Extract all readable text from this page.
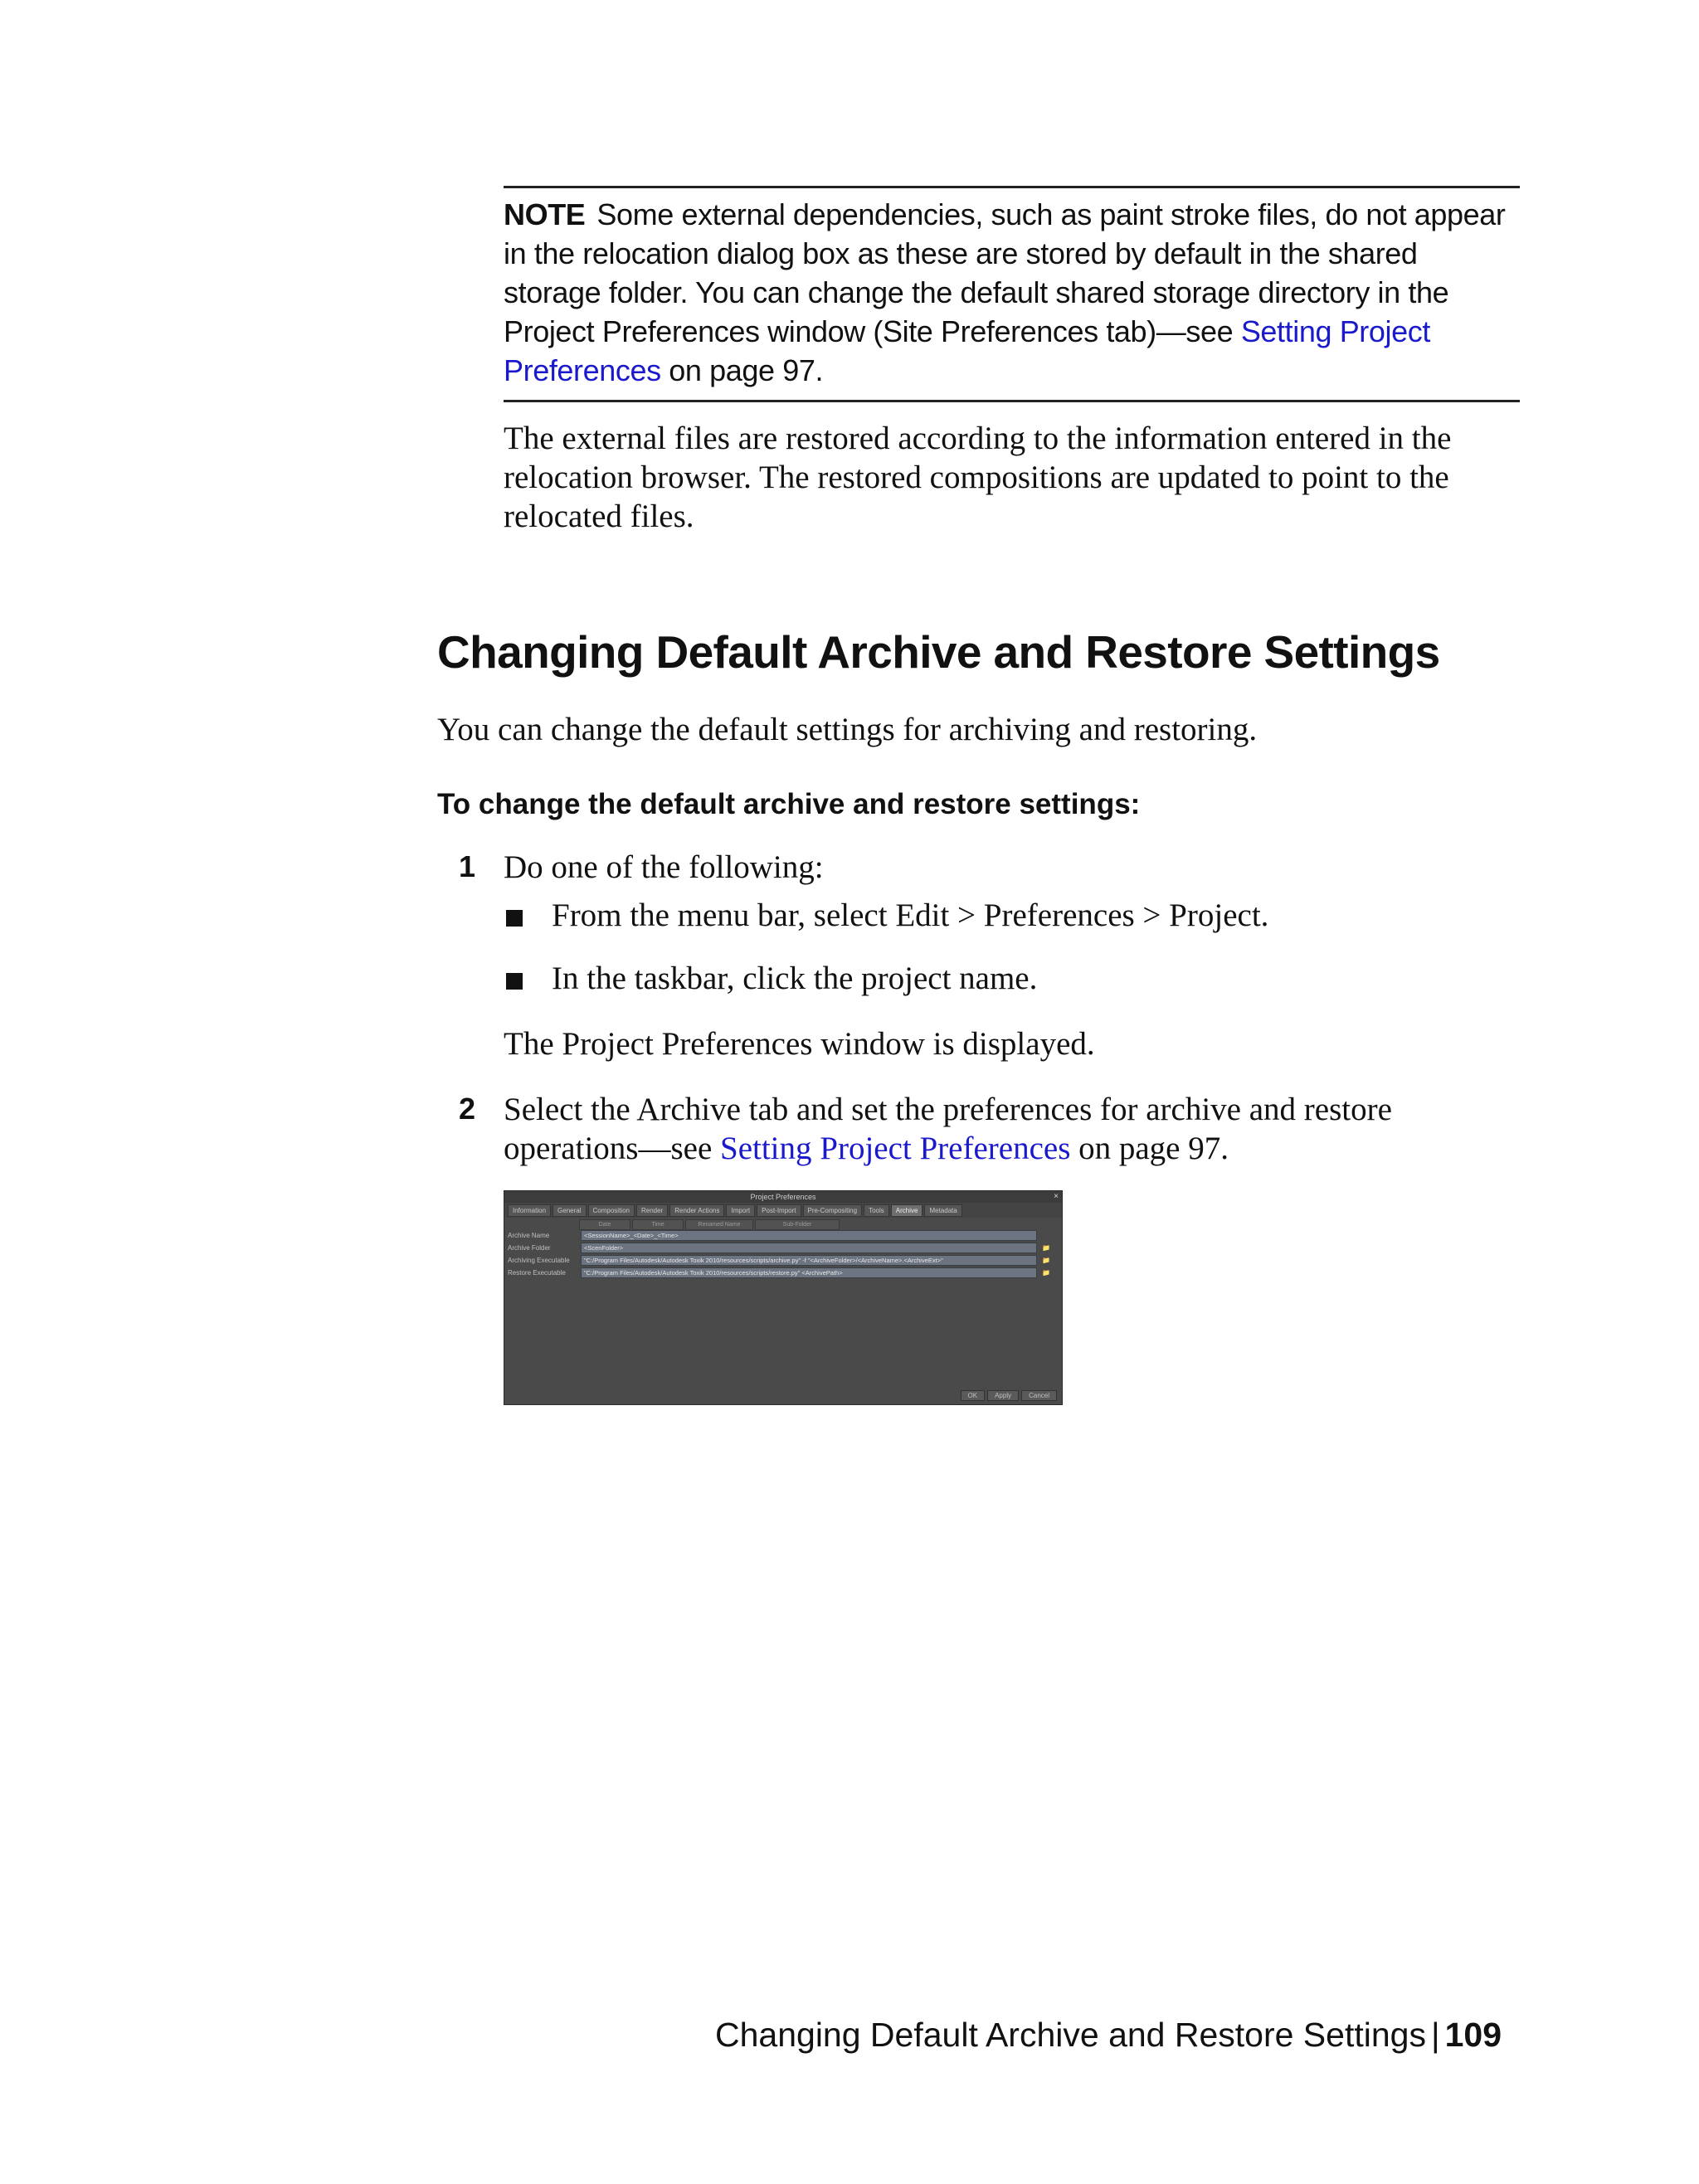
NOTE Some external dependencies, such as paint stroke files, do not appear in the relocation dialog box as these are stored by default in the shared storage folder. You can change the default shared storage directory in the Project Preferences window (Site Preferences tab)—see Setting Project Preferences on page 97.

The external files are restored according to the information entered in the relocation browser. The restored compositions are updated to point to the relocated files.

Changing Default Archive and Restore Settings

You can change the default settings for archiving and restoring.

To change the default archive and restore settings:

1 Do one of the following:

From the menu bar, select Edit > Preferences > Project.

In the taskbar, click the project name.

The Project Preferences window is displayed.

2 Select the Archive tab and set the preferences for archive and restore operations—see Setting Project Preferences on page 97.

Project Preferences	×
Information	General	Composition	Render	Render Actions	Import	Post-Import	Pre-Compositing	Tools	Archive	Metadata
Date	Time	Renamed Name	Sub-Folder
Archive Name	<SessionName>_<Date>_<Time>
Archive Folder	<ScenFolder>	📁
Archiving Executable	"C:/Program Files/Autodesk/Autodesk Toxik 2010/resources/scripts/archive.py" -f "<ArchiveFolder>/<ArchiveName>.<ArchiveExt>"	📁
Restore Executable	"C:/Program Files/Autodesk/Autodesk Toxik 2010/resources/scripts/restore.py" <ArchivePath>	📁
OK	Apply	Cancel

Changing Default Archive and Restore Settings | 109
